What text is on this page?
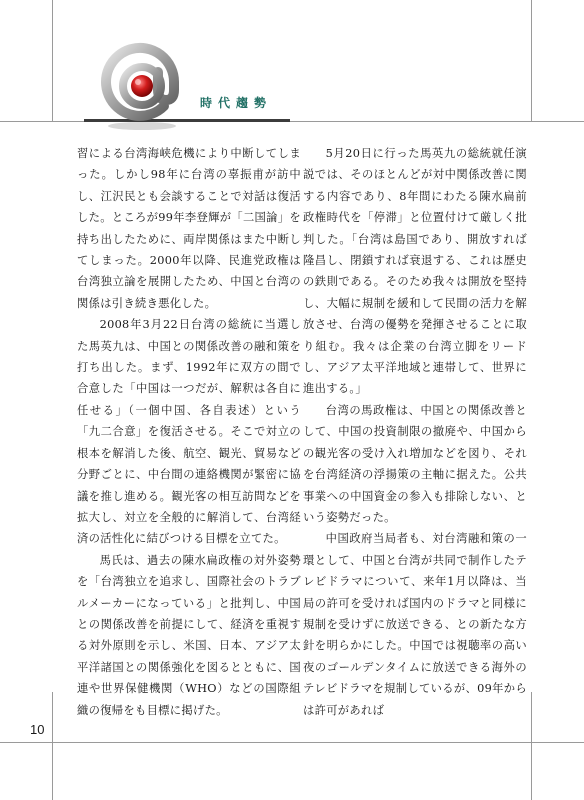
時代趨勢

習による台湾海峡危機により中断してしまった。しかし98年に台湾の辜振甫が訪中し、江沢民とも会談することで対話は復活した。ところが99年李登輝が「二国論」を持ち出したために、両岸関係はまた中断してしまった。2000年以降、民進党政権は台湾独立論を展開したため、中国と台湾の関係は引き続き悪化した。

2008年3月22日台湾の総統に当選した馬英九は、中国との関係改善の融和策を打ち出した。まず、1992年に双方の間で合意した「中国は一つだが、解釈は各自に任せる」（一個中国、各自表述）という「九二合意」を復活させる。そこで対立の根本を解消した後、航空、観光、貿易など分野ごとに、中台間の連絡機関が緊密に協議を推し進める。観光客の相互訪問などを拡大し、対立を全般的に解消して、台湾経済の活性化に結びつける目標を立てた。

馬氏は、過去の陳水扁政権の対外姿勢を「台湾独立を追求し、国際社会のトラブルメーカーになっている」と批判し、中国との関係改善を前提にして、経済を重視する対外原則を示し、米国、日本、アジア太平洋諸国との関係強化を図るとともに、国連や世界保健機関（WHO）などの国際組織の復帰をも目標に掲げた。

5月20日に行った馬英九の総統就任演説では、そのほとんどが対中関係改善に関する内容であり、8年間にわたる陳水扁前政権時代を「停滞」と位置付けて厳しく批判した。「台湾は島国であり、開放すれば隆昌し、閉鎖すれば衰退する、これは歴史の鉄則である。そのため我々は開放を堅持し、大幅に規制を緩和して民間の活力を解放させ、台湾の優勢を発揮させることに取り組む。我々は企業の台湾立脚をリードし、アジア太平洋地域と連帯して、世界に進出する。」

台湾の馬政権は、中国との関係改善として、中国の投資制限の撤廃や、中国からの観光客の受け入れ増加などを図り、それを台湾経済の浮揚策の主軸に据えた。公共事業への中国資金の参入も排除しない、という姿勢だった。

中国政府当局者も、対台湾融和策の一環として、中国と台湾が共同で制作したテレビドラマについて、来年1月以降は、当局の許可を受ければ国内のドラマと同様に規制を受けずに放送できる、との新たな方針を明らかにした。中国では視聴率の高い夜のゴールデンタイムに放送できる海外のテレビドラマを規制しているが、09年からは許可があれば

10
